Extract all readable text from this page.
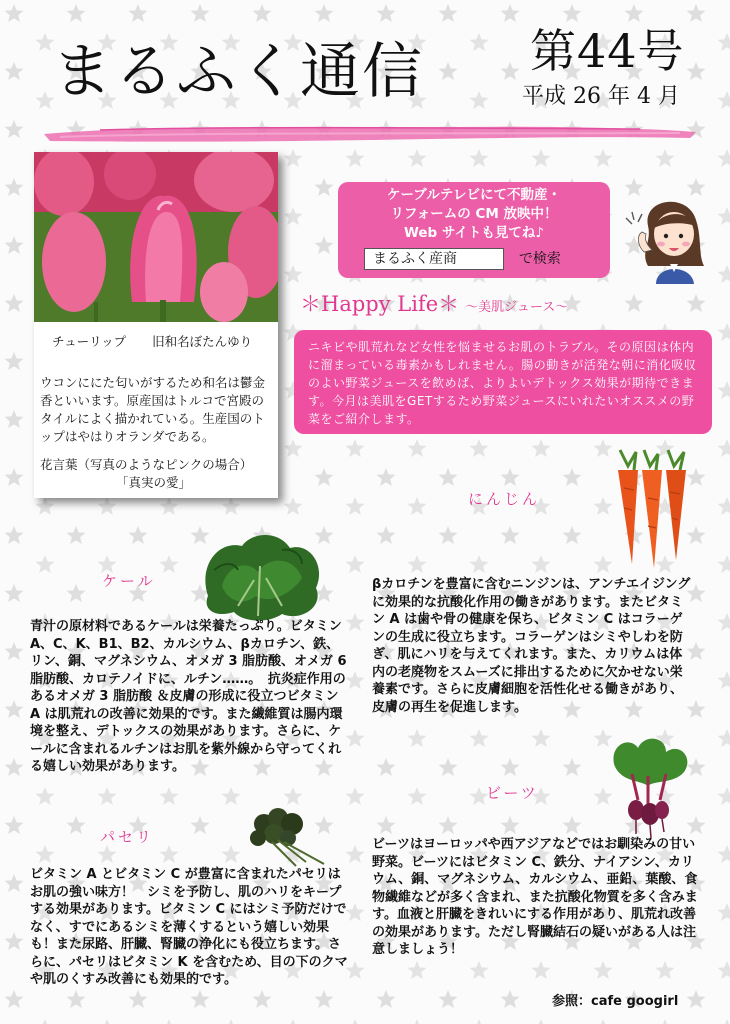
まるふく通信 第44号
平成 26 年 4 月
チューリップ 旧和名ぼたんゆり
ウコンににた匂いがするため和名は鬱金香といいます。原産国はトルコで宮殿のタイルによく描かれている。生産国のトップはやはりオランダである。
花言葉（写真のようなピンクの場合）
「真実の愛」
ケーブルテレビにて不動産・
リフォームの CM 放映中！
Web サイトも見てね♪
まるふく産商	で検索
＊Happy Life＊ ～美肌ジュース～
ニキビや肌荒れなど女性を悩ませるお肌のトラブル。その原因は体内に溜まっている毒素かもしれません。腸の動きが活発な朝に消化吸収のよい野菜ジュースを飲めば、よりよいデトックス効果が期待できます。今月は美肌をGETするため野菜ジュースにいれたいオススメの野菜をご紹介します。
ケール
青汁の原材料であるケールは栄養たっぷり。ビタミン A、C、K、B1、B2、カルシウム、βカロチン、鉄、リン、銅、マグネシウム、オメガ 3 脂肪酸、オメガ 6 脂肪酸、カロテノイドに、ルチン……。　抗炎症作用のあるオメガ 3 脂肪酸 ＆皮膚の形成に役立つビタミン A は肌荒れの改善に効果的です。また繊維質は腸内環境を整え、デトックスの効果があります。さらに、ケールに含まれるルチンはお肌を紫外線から守ってくれる嬉しい効果があります。
にんじん
βカロチンを豊富に含むニンジンは、アンチエイジングに効果的な抗酸化作用の働きがあります。またビタミン A は歯や骨の健康を保ち、ビタミン C はコラーゲンの生成に役立ちます。コラーゲンはシミやしわを防ぎ、肌にハリを与えてくれます。また、カリウムは体内の老廃物をスムーズに排出するために欠かせない栄養素です。さらに皮膚細胞を活性化せる働きがあり、皮膚の再生を促進します。
パセリ
ビタミン A とビタミン C が豊富に含まれたパセリはお肌の強い味方！　シミを予防し、肌のハリをキープする効果があります。ビタミン C にはシミ予防だけでなく、すでにあるシミを薄くするという嬉しい効果も！また尿路、肝臓、腎臓の浄化にも役立ちます。さらに、パセリはビタミン K を含むため、目の下のクマや肌のくすみ改善にも効果的です。
ビーツ
ビーツはヨーロッパや西アジアなどではお馴染みの甘い野菜。ビーツにはビタミン C、鉄分、ナイアシン、カリウム、銅、マグネシウム、カルシウム、亜鉛、葉酸、食物繊維などが多く含まれ、また抗酸化物質を多く含みます。血液と肝臓をきれいにする作用があり、肌荒れ改善の効果があります。ただし腎臓結石の疑いがある人は注意しましょう！
参照：cafe googirl
